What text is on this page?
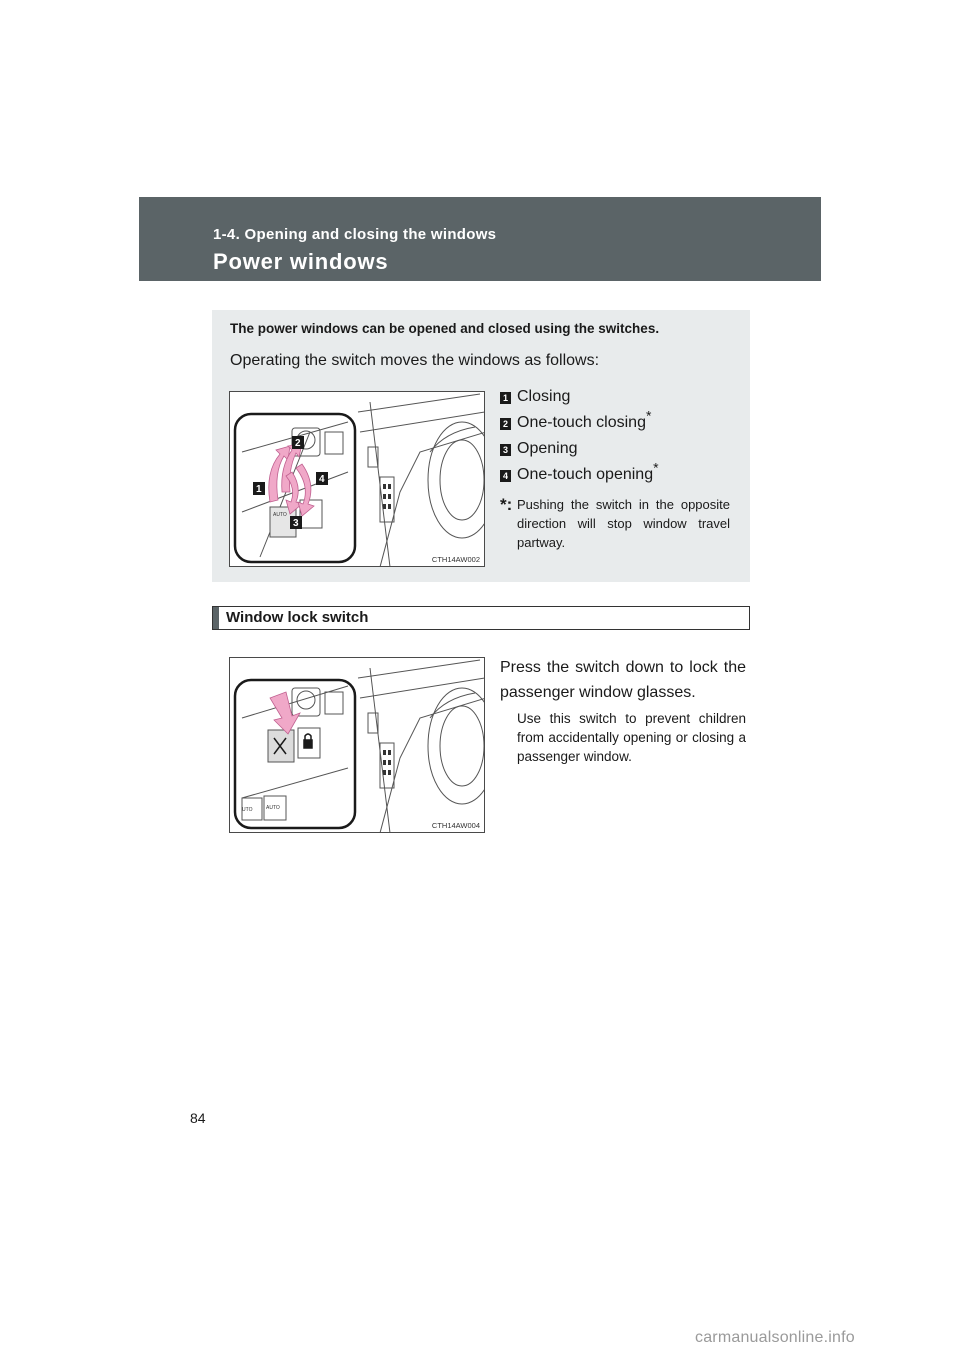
1-4. Opening and closing the windows
Power windows
The power windows can be opened and closed using the switches.
Operating the switch moves the windows as follows:
AUTO
2
1
4
3
CTH14AW002
1 Closing
2 One-touch closing*
3 Opening
4 One-touch opening*
*: Pushing the switch in the opposite direction will stop window travel partway.
Window lock switch
UTO	AUTO
CTH14AW004
Press the switch down to lock the passenger window glasses.
Use this switch to prevent children from accidentally opening or closing a passenger window.
84
carmanualsonline.info
